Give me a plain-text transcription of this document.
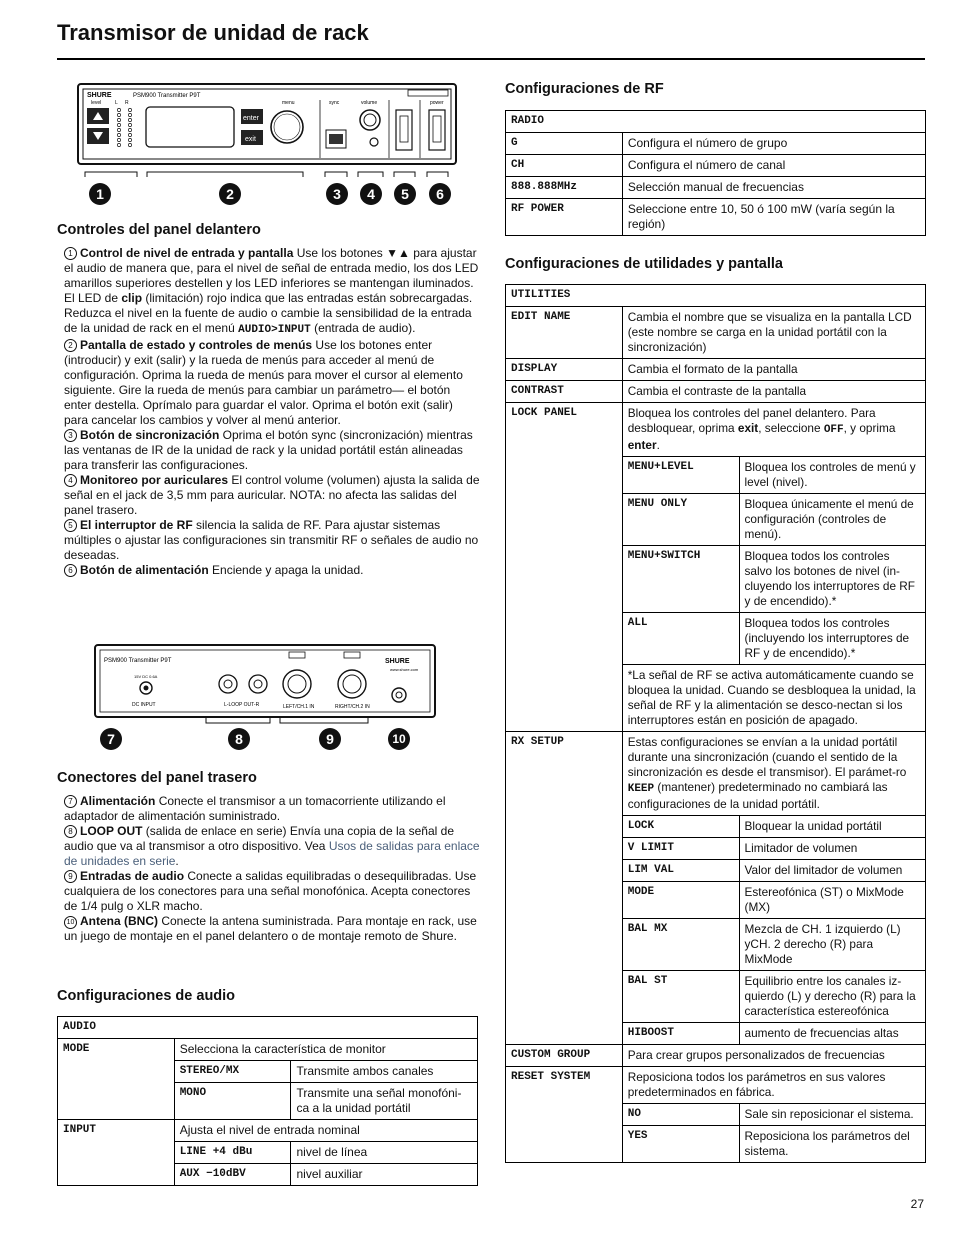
Transmisor de unidad de rack
SHURE	PSM900 Transmitter P9T
level	L R	menu	sync	volume	power
enter
exit
1	2	3	4	5	6
Controles del panel delantero

1 Control de nivel de entrada y pantalla Use los botones ▼▲ para ajustar el audio de manera que, para el nivel de señal de entrada medio, los dos LED amarillos superiores destellen y los LED inferiores se mantengan iluminados. El LED de clip (limitación) rojo indica que las entradas están sobrecargadas. Reduzca el nivel en la fuente de audio o cambie la sensibilidad de la entrada de la unidad de rack en el menú AUDIO>INPUT (entrada de audio).

2 Pantalla de estado y controles de menús Use los botones enter (introducir) y exit (salir) y la rueda de menús para acceder al menú de configuración. Oprima la rueda de menús para mover el cursor al elemento siguiente. Gire la rueda de menús para cambiar un parámetro— el botón enter destella. Oprímalo para guardar el valor. Oprima el botón exit (salir) para cancelar los cambios y volver al menú anterior.

3 Botón de sincronización Oprima el botón sync (sincronización) mientras las ventanas de IR de la unidad de rack y la unidad portátil están alineadas para transferir las configuraciones.

4 Monitoreo por auriculares El control volume (volumen) ajusta la salida de señal en el jack de 3,5 mm para auricular. NOTA: no afecta las salidas del panel trasero.

5 El interruptor de RF silencia la salida de RF. Para ajustar sistemas múltiples o ajustar las configuraciones sin transmitir RF o señales de audio no deseadas.

6 Botón de alimentación Enciende y apaga la unidad.

PSM900 Transmitter P9T	SHURE
www.shure.com
15V DC 0.6A
DC INPUT	L-LOOP OUT-R	LEFT/CH.1 IN	RIGHT/CH.2 IN
7	8	9	10
Conectores del panel trasero

7 Alimentación Conecte el transmisor a un tomacorriente utilizando el adaptador de alimentación suministrado.

8 LOOP OUT (salida de enlace en serie) Envía una copia de la señal de audio que va al transmisor a otro dispositivo. Vea Usos de salidas para enlace de unidades en serie.

9 Entradas de audio Conecte a salidas equilibradas o desequilibradas. Use cualquiera de los conectores para una señal monofónica. Acepta conectores de 1/4 pulg o XLR macho.

10 Antena (BNC) Conecte la antena suministrada. Para montaje en rack, use un juego de montaje en el panel delantero o de montaje remoto de Shure.

Configuraciones de audio
AUDIO		
MODE	Selecciona la característica de monitor	
	STEREO/MX	Transmite ambos canales
	MONO	Transmite una señal monofóni-ca a la unidad portátil
INPUT	Ajusta el nivel de entrada nominal	
	LINE +4 dBu	nivel de línea
	AUX −10dBV	nivel auxiliar
Configuraciones de RF
RADIO	
G	Configura el número de grupo
CH	Configura el número de canal
888.888MHz	Selección manual de frecuencias
RF POWER	Seleccione entre 10, 50 ó 100 mW (varía según la región)
Configuraciones de utilidades y pantalla
UTILITIES		
EDIT NAME	Cambia el nombre que se visualiza en la pantalla LCD (este nombre se carga en la unidad portátil con la sincronización)	
DISPLAY	Cambia el formato de la pantalla	
CONTRAST	Cambia el contraste de la pantalla	
LOCK PANEL	Bloquea los controles del panel delantero. Para desbloquear, oprima exit, seleccione OFF, y oprima enter.	
	MENU+LEVEL	Bloquea los controles de menú y level (nivel).
	MENU ONLY	Bloquea únicamente el menú de configuración (controles de menú).
	MENU+SWITCH	Bloquea todos los controles salvo los botones de nivel (in-cluyendo los interruptores de RF y de encendido).*
	ALL	Bloquea todos los controles (incluyendo los interruptores de RF y de encendido).*
	*La señal de RF se activa automáticamente cuando se bloquea la unidad. Cuando se desbloquea la unidad, la señal de RF y la alimentación se desco-nectan si los interruptores están en posición de apagado.	
RX SETUP	Estas configuraciones se envían a la unidad portátil durante una sincronización (cuando el sentido de la sincronización es desde el transmisor). El parámet-ro KEEP (mantener) predeterminado no cambiará las configuraciones de la unidad portátil.	
	LOCK	Bloquear la unidad portátil
	V LIMIT	Limitador de volumen
	LIM VAL	Valor del limitador de volumen
	MODE	Estereofónica (ST) o MixMode (MX)
	BAL MX	Mezcla de CH. 1 izquierdo (L) yCH. 2 derecho (R) para MixMode
	BAL ST	Equilibrio entre los canales iz-quierdo (L) y derecho (R) para la característica estereofónica
	HIBOOST	aumento de frecuencias altas
CUSTOM GROUP	Para crear grupos personalizados de frecuencias	
RESET SYSTEM	Reposiciona todos los parámetros en sus valores predeterminados en fábrica.	
	NO	Sale sin reposicionar el sistema.
	YES	Reposiciona los parámetros del sistema.
27
